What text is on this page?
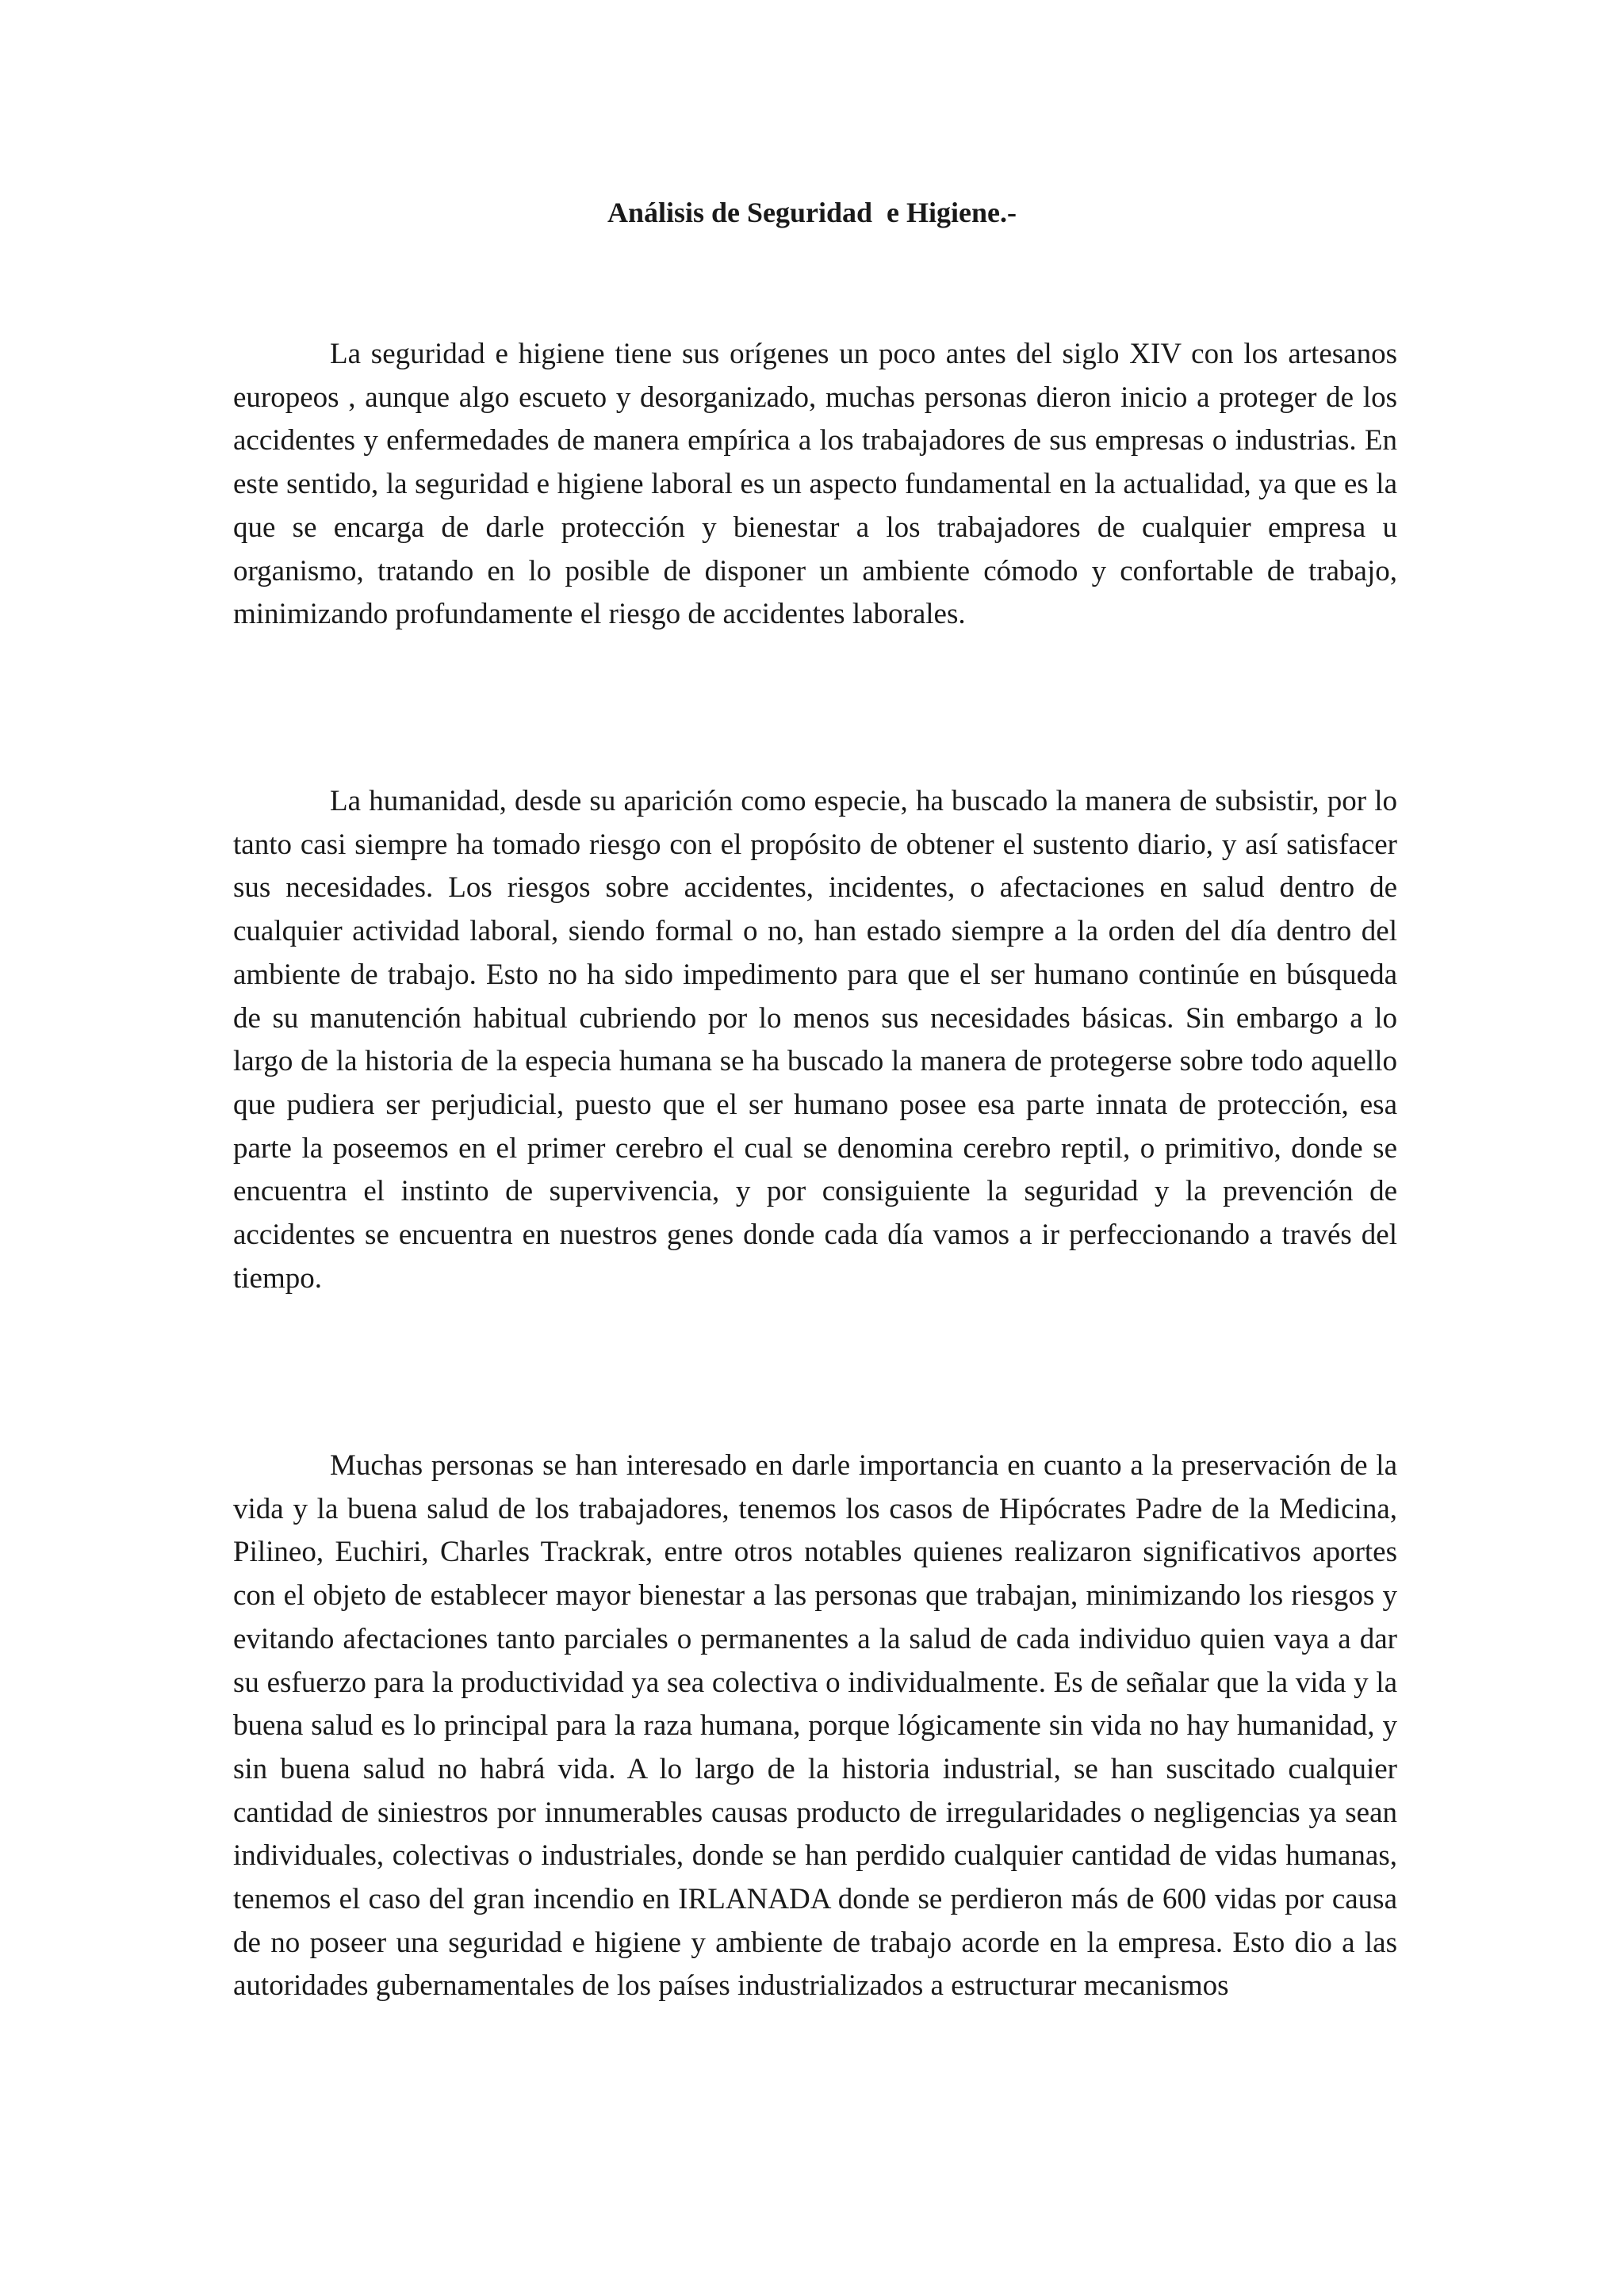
Análisis de Seguridad  e Higiene.-

La seguridad e higiene tiene sus orígenes un poco antes del siglo XIV con los artesanos europeos , aunque algo escueto y desorganizado, muchas personas dieron inicio a proteger de los accidentes y enfermedades de manera empírica a los trabajadores de sus empresas o industrias. En este sentido, la seguridad e higiene laboral es un aspecto fundamental en la actualidad, ya que es la que se encarga de darle protección y bienestar a los trabajadores de cualquier empresa u organismo, tratando en lo posible de disponer un ambiente cómodo y confortable de trabajo, minimizando profundamente el riesgo de accidentes laborales.

La humanidad, desde su aparición como especie, ha buscado la manera de subsistir, por lo tanto casi siempre ha tomado riesgo con el propósito de obtener el sustento diario, y así satisfacer sus necesidades. Los riesgos sobre accidentes, incidentes, o afectaciones en salud dentro de cualquier actividad laboral, siendo formal o no, han estado siempre a la orden del día dentro del ambiente de trabajo. Esto no ha sido impedimento para que el ser humano continúe en búsqueda de su manutención habitual cubriendo por lo menos sus necesidades básicas. Sin embargo a lo largo de la historia de la especia humana se ha buscado la manera de protegerse sobre todo aquello que pudiera ser perjudicial, puesto que el ser humano posee esa parte innata de protección, esa parte la poseemos en el primer cerebro el cual se denomina cerebro reptil, o primitivo, donde se encuentra el instinto de supervivencia, y por consiguiente la seguridad y la prevención de accidentes se encuentra en nuestros genes donde cada día vamos a ir perfeccionando a través del tiempo.

Muchas personas se han interesado en darle importancia en cuanto a la preservación de la vida y la buena salud de los trabajadores, tenemos los casos de Hipócrates Padre de la Medicina, Pilineo, Euchiri, Charles Trackrak, entre otros notables quienes realizaron significativos aportes con el objeto de establecer mayor bienestar a las personas que trabajan, minimizando los riesgos y evitando afectaciones tanto parciales o permanentes a la salud de cada individuo quien vaya a dar su esfuerzo para la productividad ya sea colectiva o individualmente. Es de señalar que la vida y la buena salud es lo principal para la raza humana, porque lógicamente sin vida no hay humanidad, y sin buena salud no habrá vida. A lo largo de la historia industrial, se han suscitado cualquier cantidad de siniestros por innumerables causas producto de irregularidades o negligencias ya sean individuales, colectivas o industriales, donde se han perdido cualquier cantidad de vidas humanas, tenemos el caso del gran incendio en IRLANADA donde se perdieron más de 600 vidas por causa de no poseer una seguridad e higiene y ambiente de trabajo acorde en la empresa. Esto dio a las autoridades gubernamentales de los países industrializados a estructurar mecanismos
